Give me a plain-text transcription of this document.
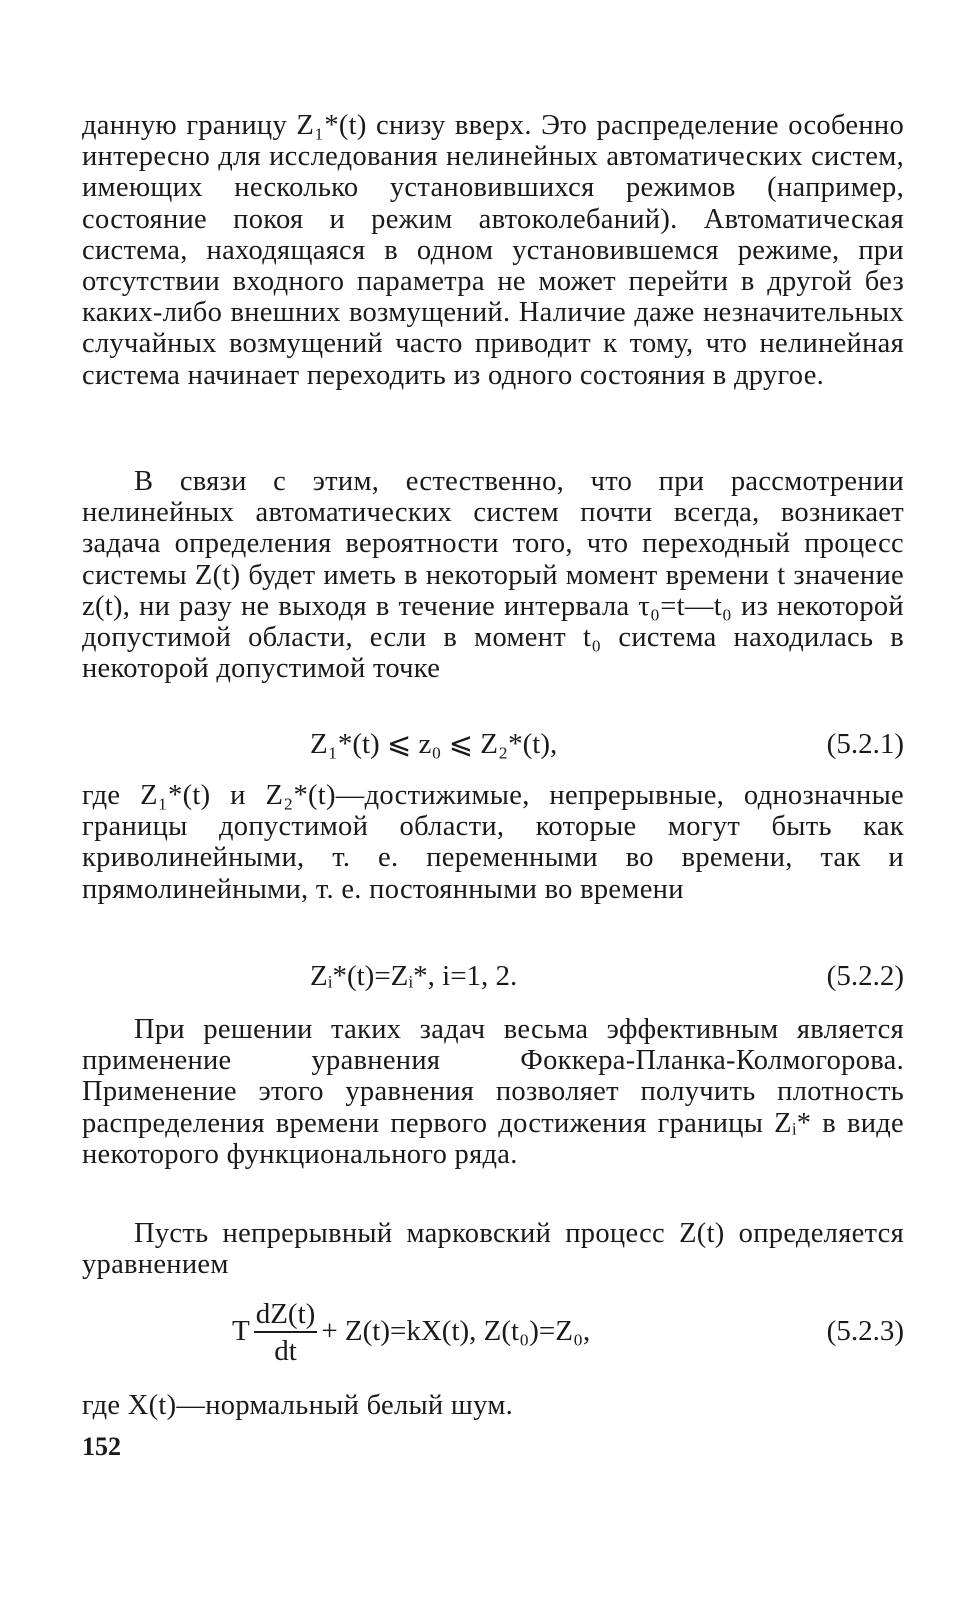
данную границу Z₁*(t) снизу вверх. Это распределение особенно интересно для исследования нелинейных автоматических систем, имеющих несколько установившихся режимов (например, состояние покоя и режим автоколебаний). Автоматическая система, находящаяся в одном установившемся режиме, при отсутствии входного параметра не может перейти в другой без каких-либо внешних возмущений. Наличие даже незначительных случайных возмущений часто приводит к тому, что нелинейная система начинает переходить из одного состояния в другое.

В связи с этим, естественно, что при рассмотрении нелинейных автоматических систем почти всегда, возникает задача определения вероятности того, что переходный процесс системы Z(t) будет иметь в некоторый момент времени t значение z(t), ни разу не выходя в течение интервала τ₀=t—t₀ из некоторой допустимой области, если в момент t₀ система находилась в некоторой допустимой точке

Z₁*(t) ⩽ z₀ ⩽ Z₂*(t),	(5.2.1)

где Z₁*(t) и Z₂*(t)—достижимые, непрерывные, однозначные границы допустимой области, которые могут быть как криволинейными, т. е. переменными во времени, так и прямолинейными, т. е. постоянными во времени

Zᵢ*(t)=Zᵢ*, i=1, 2.	(5.2.2)

При решении таких задач весьма эффективным является применение уравнения Фоккера-Планка-Колмогорова. Применение этого уравнения позволяет получить плотность распределения времени первого достижения границы Zᵢ* в виде некоторого функционального ряда.

Пусть непрерывный марковский процесс Z(t) определяется уравнением

T $\frac{dZ(t)}{dt} + Z(t)=kX(t)$, Z(t₀)=Z₀,	(5.2.3)

где X(t)—нормальный белый шум.

152
